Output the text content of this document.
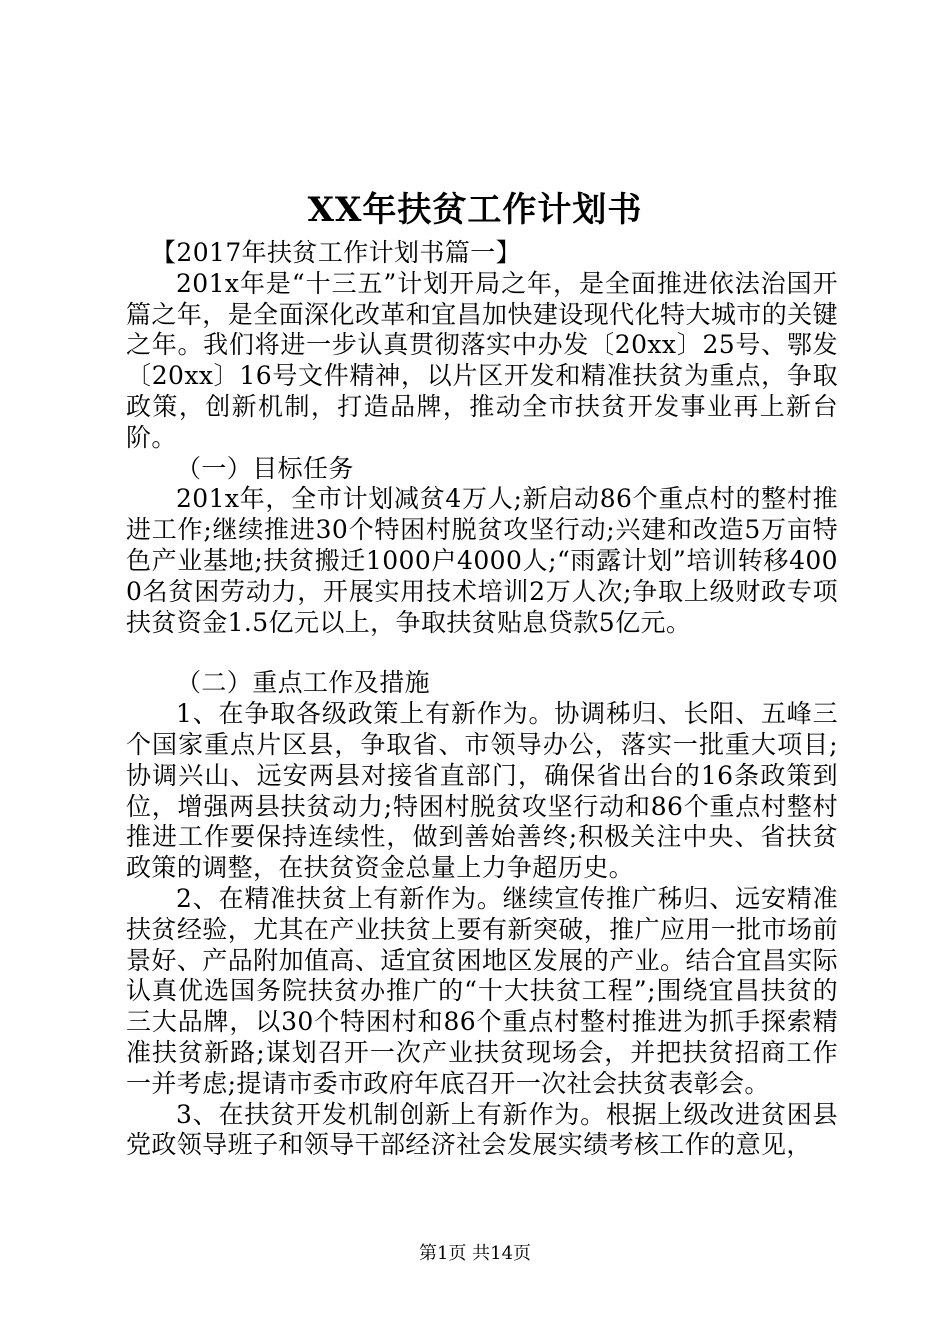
XX年扶贫工作计划书

【2017年扶贫工作计划书篇一】

201x年是“十三五”计划开局之年，是全面推进依法治国开篇之年，是全面深化改革和宜昌加快建设现代化特大城市的关键之年。我们将进一步认真贯彻落实中办发〔20xx〕25号、鄂发〔20xx〕16号文件精神，以片区开发和精准扶贫为重点，争取政策，创新机制，打造品牌，推动全市扶贫开发事业再上新台阶。

（一）目标任务

201x年，全市计划减贫4万人;新启动86个重点村的整村推进工作;继续推进30个特困村脱贫攻坚行动;兴建和改造5万亩特色产业基地;扶贫搬迁1000户4000人;“雨露计划”培训转移4000名贫困劳动力，开展实用技术培训2万人次;争取上级财政专项扶贫资金1.5亿元以上，争取扶贫贴息贷款5亿元。

（二）重点工作及措施

1、在争取各级政策上有新作为。协调秭归、长阳、五峰三个国家重点片区县，争取省、市领导办公，落实一批重大项目;协调兴山、远安两县对接省直部门，确保省出台的16条政策到位，增强两县扶贫动力;特困村脱贫攻坚行动和86个重点村整村推进工作要保持连续性，做到善始善终;积极关注中央、省扶贫政策的调整，在扶贫资金总量上力争超历史。

2、在精准扶贫上有新作为。继续宣传推广秭归、远安精准扶贫经验，尤其在产业扶贫上要有新突破，推广应用一批市场前景好、产品附加值高、适宜贫困地区发展的产业。结合宜昌实际认真优选国务院扶贫办推广的“十大扶贫工程”;围绕宜昌扶贫的三大品牌，以30个特困村和86个重点村整村推进为抓手探索精准扶贫新路;谋划召开一次产业扶贫现场会，并把扶贫招商工作一并考虑;提请市委市政府年底召开一次社会扶贫表彰会。

3、在扶贫开发机制创新上有新作为。根据上级改进贫困县党政领导班子和领导干部经济社会发展实绩考核工作的意见，

第1页 共14页
